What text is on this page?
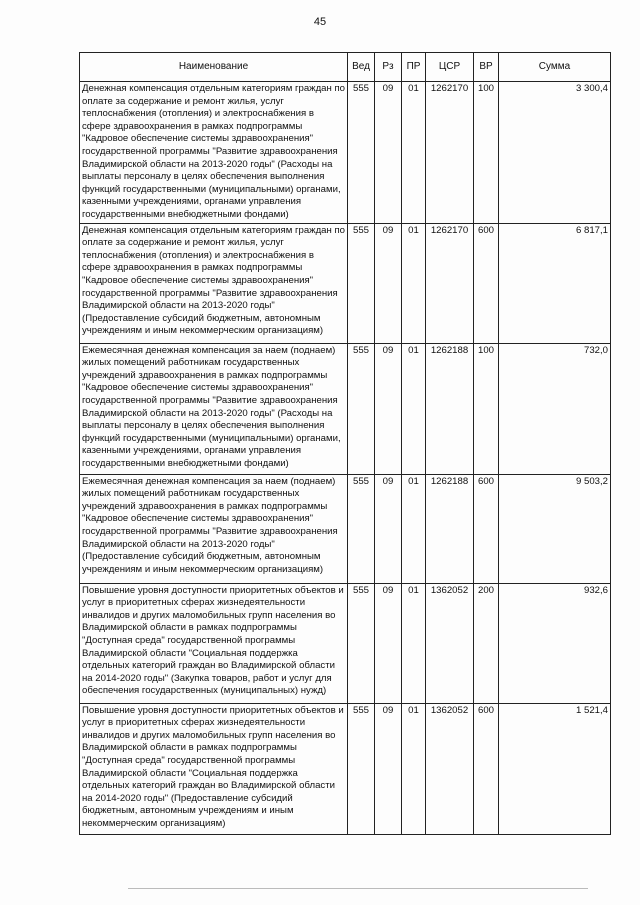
45
Наименование	Вед	Рз	ПР	ЦСР	ВР	Сумма
Денежная компенсация отдельным категориям граждан по оплате за содержание и ремонт жилья, услуг теплоснабжения (отопления) и электроснабжения в сфере здравоохранения в рамках подпрограммы "Кадровое обеспечение системы здравоохранения" государственной программы "Развитие здравоохранения Владимирской области на 2013-2020 годы" (Расходы на выплаты персоналу в целях обеспечения выполнения функций государственными (муниципальными) органами, казенными учреждениями, органами управления государственными внебюджетными фондами)	555	09	01	1262170	100	3 300,4
Денежная компенсация отдельным категориям граждан по оплате за содержание и ремонт жилья, услуг теплоснабжения (отопления) и электроснабжения в сфере здравоохранения в рамках подпрограммы "Кадровое обеспечение системы здравоохранения" государственной программы "Развитие здравоохранения Владимирской области на 2013-2020 годы" (Предоставление субсидий бюджетным, автономным учреждениям и иным некоммерческим организациям)	555	09	01	1262170	600	6 817,1
Ежемесячная денежная компенсация за наем (поднаем) жилых помещений работникам государственных учреждений здравоохранения в рамках подпрограммы "Кадровое обеспечение системы здравоохранения" государственной программы "Развитие здравоохранения Владимирской области на 2013-2020 годы" (Расходы на выплаты персоналу в целях обеспечения выполнения функций государственными (муниципальными) органами, казенными учреждениями, органами управления государственными внебюджетными фондами)	555	09	01	1262188	100	732,0
Ежемесячная денежная компенсация за наем (поднаем) жилых помещений работникам государственных учреждений здравоохранения в рамках подпрограммы "Кадровое обеспечение системы здравоохранения" государственной программы "Развитие здравоохранения Владимирской области на 2013-2020 годы" (Предоставление субсидий бюджетным, автономным учреждениям и иным некоммерческим организациям)	555	09	01	1262188	600	9 503,2
Повышение уровня доступности приоритетных объектов и услуг в приоритетных сферах жизнедеятельности инвалидов и других маломобильных групп населения во Владимирской области в рамках подпрограммы "Доступная среда" государственной программы Владимирской области "Социальная поддержка отдельных категорий граждан во Владимирской области на 2014-2020 годы" (Закупка товаров, работ и услуг для обеспечения государственных (муниципальных) нужд)	555	09	01	1362052	200	932,6
Повышение уровня доступности приоритетных объектов и услуг в приоритетных сферах жизнедеятельности инвалидов и других маломобильных групп населения во Владимирской области в рамках подпрограммы "Доступная среда" государственной программы Владимирской области "Социальная поддержка отдельных категорий граждан во Владимирской области на 2014-2020 годы" (Предоставление субсидий бюджетным, автономным учреждениям и иным некоммерческим организациям)	555	09	01	1362052	600	1 521,4
